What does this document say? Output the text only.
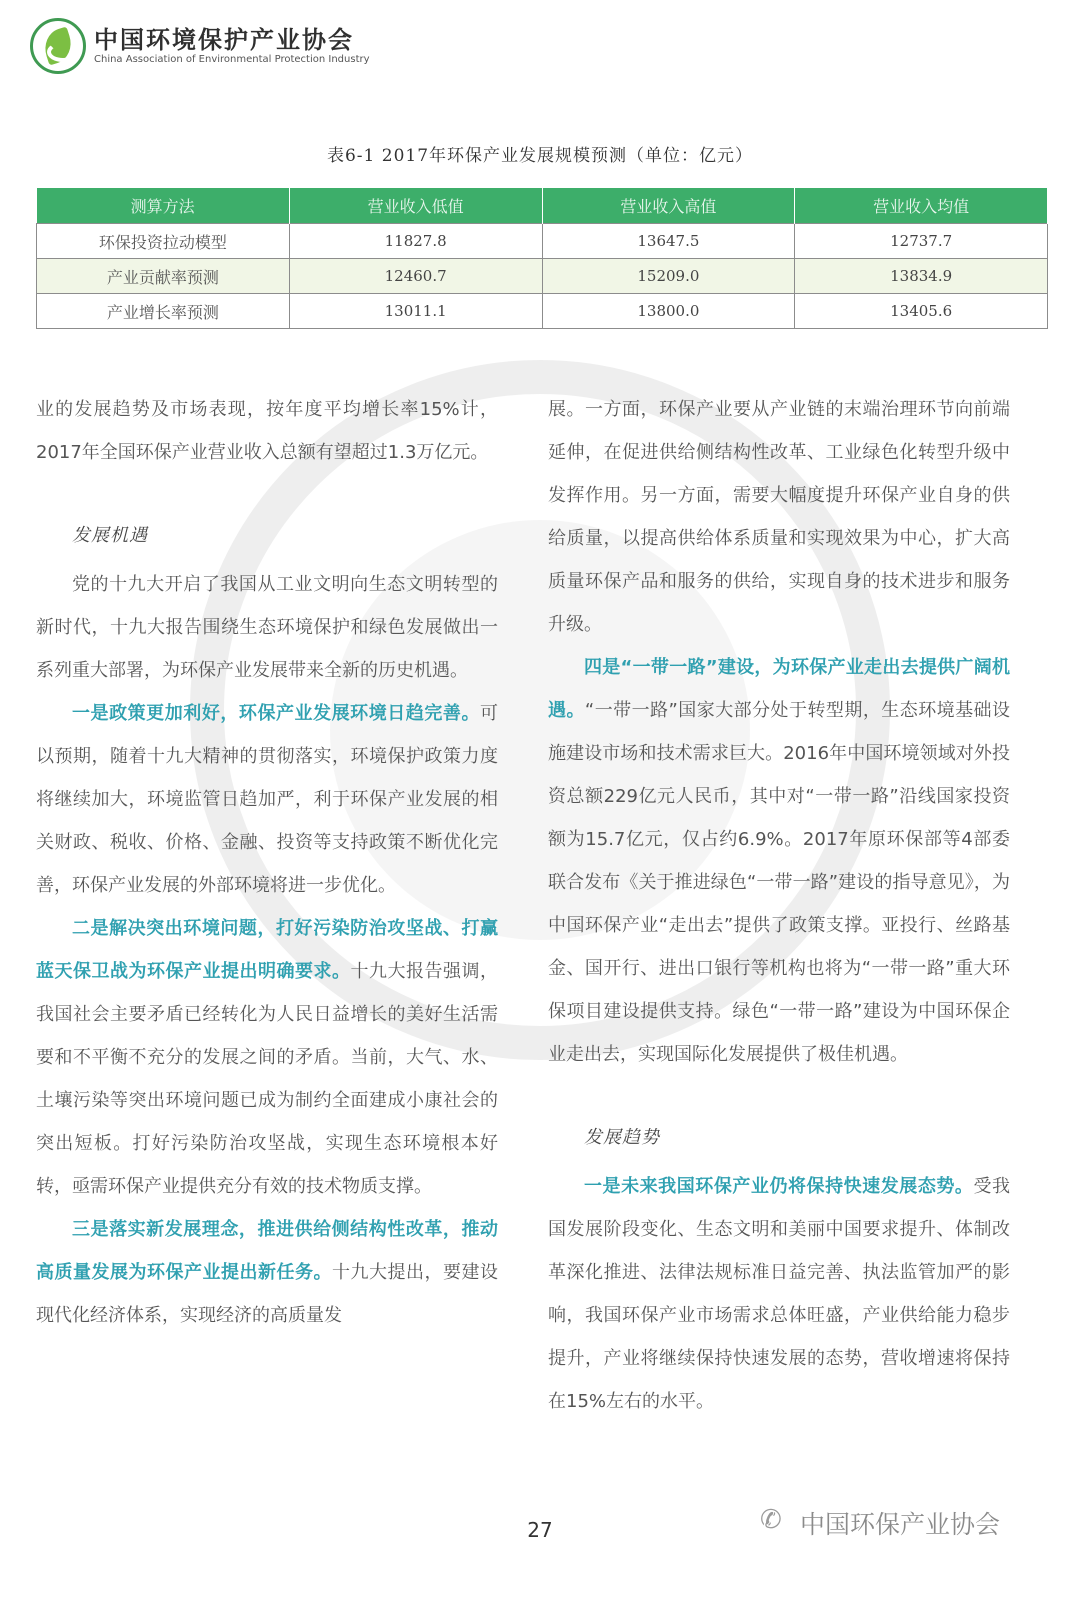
中国环境保护产业协会
China Association of Environmental Protection Industry
表6-1 2017年环保产业发展规模预测（单位：亿元）
测算方法	营业收入低值	营业收入高值	营业收入均值
环保投资拉动模型	11827.8	13647.5	12737.7
产业贡献率预测	12460.7	15209.0	13834.9
产业增长率预测	13011.1	13800.0	13405.6

业的发展趋势及市场表现，按年度平均增长率15%计，2017年全国环保产业营业收入总额有望超过1.3万亿元。

发展机遇

党的十九大开启了我国从工业文明向生态文明转型的新时代，十九大报告围绕生态环境保护和绿色发展做出一系列重大部署，为环保产业发展带来全新的历史机遇。

一是政策更加利好，环保产业发展环境日趋完善。可以预期，随着十九大精神的贯彻落实，环境保护政策力度将继续加大，环境监管日趋加严，利于环保产业发展的相关财政、税收、价格、金融、投资等支持政策不断优化完善，环保产业发展的外部环境将进一步优化。

二是解决突出环境问题，打好污染防治攻坚战、打赢蓝天保卫战为环保产业提出明确要求。十九大报告强调，我国社会主要矛盾已经转化为人民日益增长的美好生活需要和不平衡不充分的发展之间的矛盾。当前，大气、水、土壤污染等突出环境问题已成为制约全面建成小康社会的突出短板。打好污染防治攻坚战，实现生态环境根本好转，亟需环保产业提供充分有效的技术物质支撑。

三是落实新发展理念，推进供给侧结构性改革，推动高质量发展为环保产业提出新任务。十九大提出，要建设现代化经济体系，实现经济的高质量发

展。一方面，环保产业要从产业链的末端治理环节向前端延伸，在促进供给侧结构性改革、工业绿色化转型升级中发挥作用。另一方面，需要大幅度提升环保产业自身的供给质量，以提高供给体系质量和实现效果为中心，扩大高质量环保产品和服务的供给，实现自身的技术进步和服务升级。

四是“一带一路”建设，为环保产业走出去提供广阔机遇。“一带一路”国家大部分处于转型期，生态环境基础设施建设市场和技术需求巨大。2016年中国环境领域对外投资总额229亿元人民币，其中对“一带一路”沿线国家投资额为15.7亿元，仅占约6.9%。2017年原环保部等4部委联合发布《关于推进绿色“一带一路”建设的指导意见》，为中国环保产业“走出去”提供了政策支撑。亚投行、丝路基金、国开行、进出口银行等机构也将为“一带一路”重大环保项目建设提供支持。绿色“一带一路”建设为中国环保企业走出去，实现国际化发展提供了极佳机遇。

发展趋势

一是未来我国环保产业仍将保持快速发展态势。受我国发展阶段变化、生态文明和美丽中国要求提升、体制改革深化推进、法律法规标准日益完善、执法监管加严的影响，我国环保产业市场需求总体旺盛，产业供给能力稳步提升，产业将继续保持快速发展的态势，营收增速将保持在15%左右的水平。

27	✆ 中国环保产业协会
